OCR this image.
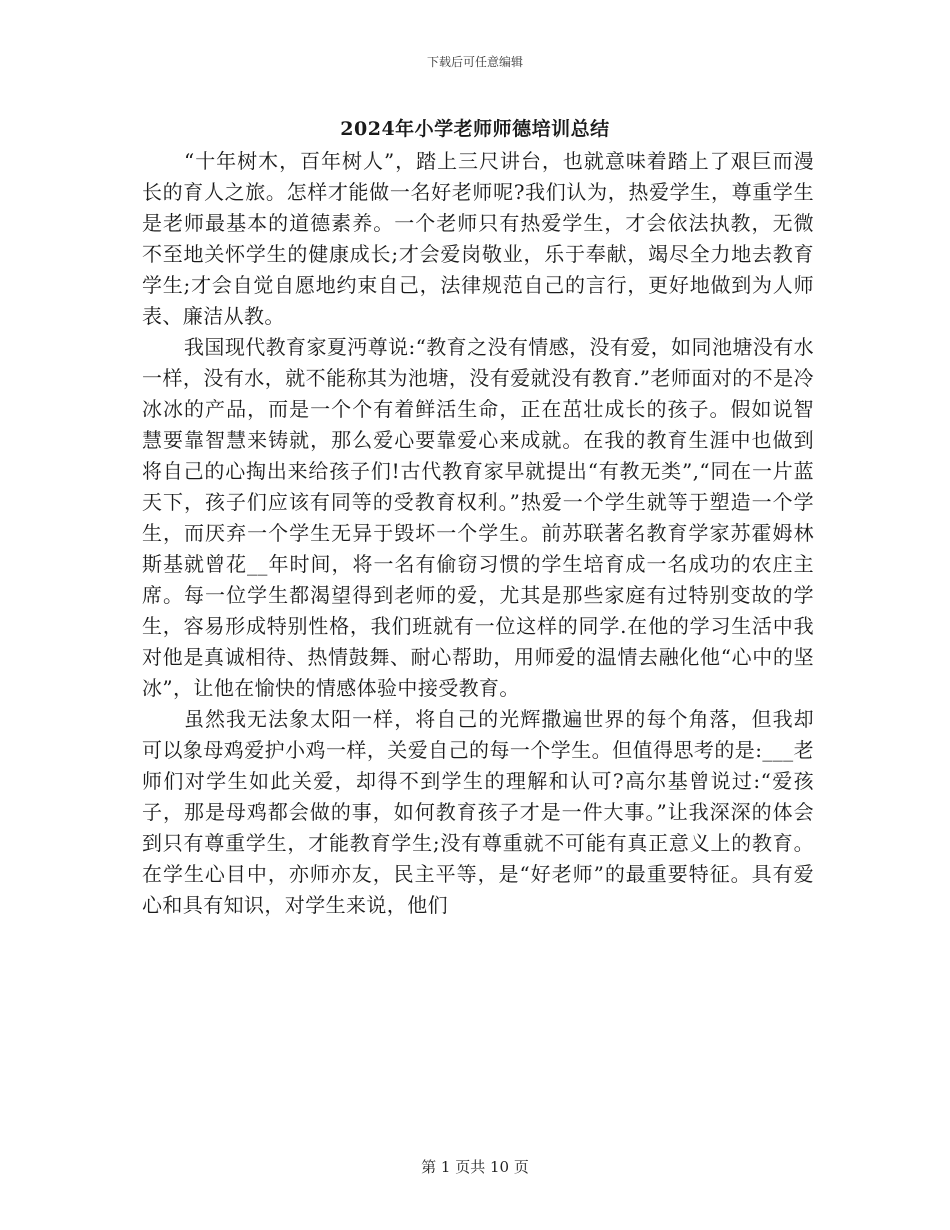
下载后可任意编辑
2024年小学老师师德培训总结

“十年树木，百年树人”，踏上三尺讲台，也就意味着踏上了艰巨而漫长的育人之旅。怎样才能做一名好老师呢?我们认为，热爱学生，尊重学生是老师最基本的道德素养。一个老师只有热爱学生，才会依法执教，无微不至地关怀学生的健康成长;才会爱岗敬业，乐于奉献，竭尽全力地去教育学生;才会自觉自愿地约束自己，法律规范自己的言行，更好地做到为人师表、廉洁从教。

我国现代教育家夏沔尊说:“教育之没有情感，没有爱，如同池塘没有水一样，没有水，就不能称其为池塘，没有爱就没有教育.”老师面对的不是冷冰冰的产品，而是一个个有着鲜活生命，正在茁壮成长的孩子。假如说智慧要靠智慧来铸就，那么爱心要靠爱心来成就。在我的教育生涯中也做到将自己的心掏出来给孩子们!古代教育家早就提出“有教无类”,“同在一片蓝天下，孩子们应该有同等的受教育权利。”热爱一个学生就等于塑造一个学生，而厌弃一个学生无异于毁坏一个学生。前苏联著名教育学家苏霍姆林斯基就曾花__年时间，将一名有偷窃习惯的学生培育成一名成功的农庄主席。每一位学生都渴望得到老师的爱，尤其是那些家庭有过特别变故的学生，容易形成特别性格，我们班就有一位这样的同学.在他的学习生活中我对他是真诚相待、热情鼓舞、耐心帮助，用师爱的温情去融化他“心中的坚冰”，让他在愉快的情感体验中接受教育。

虽然我无法象太阳一样，将自己的光辉撒遍世界的每个角落，但我却可以象母鸡爱护小鸡一样，关爱自己的每一个学生。但值得思考的是:___老师们对学生如此关爱，却得不到学生的理解和认可?高尔基曾说过:“爱孩子，那是母鸡都会做的事，如何教育孩子才是一件大事。”让我深深的体会到只有尊重学生，才能教育学生;没有尊重就不可能有真正意义上的教育。在学生心目中，亦师亦友，民主平等，是“好老师”的最重要特征。具有爱心和具有知识，对学生来说，他们

第 1 页共 10 页
